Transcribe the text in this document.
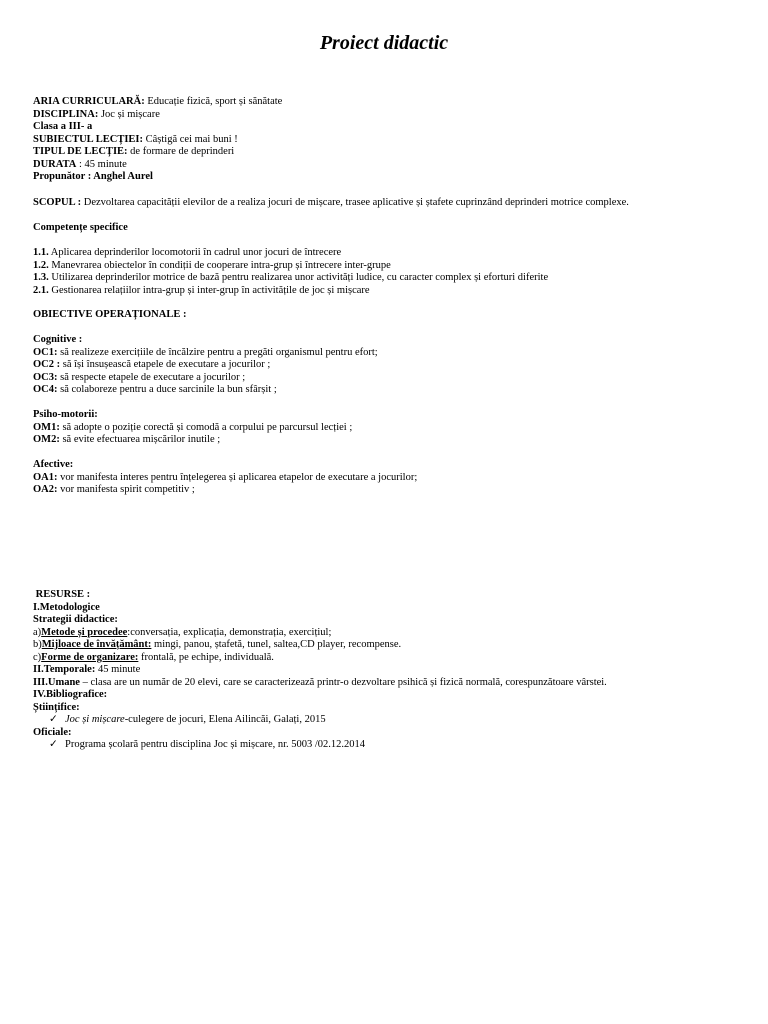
Proiect didactic
ARIA CURRICULARĂ: Educație fizică, sport și sănătate
DISCIPLINA: Joc și mișcare
Clasa a III- a
SUBIECTUL LECȚIEI: Câștigă cei mai buni !
TIPUL DE LECȚIE: de formare de deprinderi
DURATA : 45 minute
Propunător : Anghel Aurel
SCOPUL : Dezvoltarea capacității elevilor de a realiza jocuri de mișcare, trasee aplicative și ștafete cuprinzând deprinderi motrice complexe.
Competențe specifice
1.1. Aplicarea deprinderilor locomotorii în cadrul unor jocuri de întrecere
1.2. Manevrarea obiectelor în condiții de cooperare intra-grup și întrecere inter-grupe
1.3. Utilizarea deprinderilor motrice de bază pentru realizarea unor activități ludice, cu caracter complex și eforturi diferite
2.1. Gestionarea relațiilor intra-grup și inter-grup în activitățile de joc și mișcare
OBIECTIVE OPERAȚIONALE :
Cognitive :
OC1: să realizeze exercițiile de încălzire pentru a pregăti organismul pentru efort;
OC2 : să își însușească etapele de executare a jocurilor ;
OC3: să respecte etapele de executare a jocurilor ;
OC4: să colaboreze pentru a duce sarcinile la bun sfârșit ;
Psiho-motorii:
OM1: să adopte o poziție corectă și comodă a corpului pe parcursul lecției ;
OM2: să evite efectuarea mișcărilor inutile ;
Afective:
OA1: vor manifesta interes pentru înțelegerea și aplicarea etapelor de executare a jocurilor;
OA2: vor manifesta spirit competitiv ;
RESURSE :
I.Metodologice
Strategii didactice:
a)Metode și procedee:conversația, explicația, demonstrația, exercițiul;
b)Mijloace de învățământ: mingi, panou, ștafetă, tunel, saltea,CD player, recompense.
c)Forme de organizare: frontală, pe echipe, individuală.
II.Temporale: 45 minute
III.Umane – clasa are un număr de 20 elevi, care se caracterizează printr-o dezvoltare psihică și fizică normală, corespunzătoare vârstei.
IV.Bibliografice:
Științifice:
✓ Joc și mișcare-culegere de jocuri, Elena Ailincăi, Galați, 2015
Oficiale:
✓ Programa școlară pentru disciplina Joc și mișcare, nr. 5003 /02.12.2014
